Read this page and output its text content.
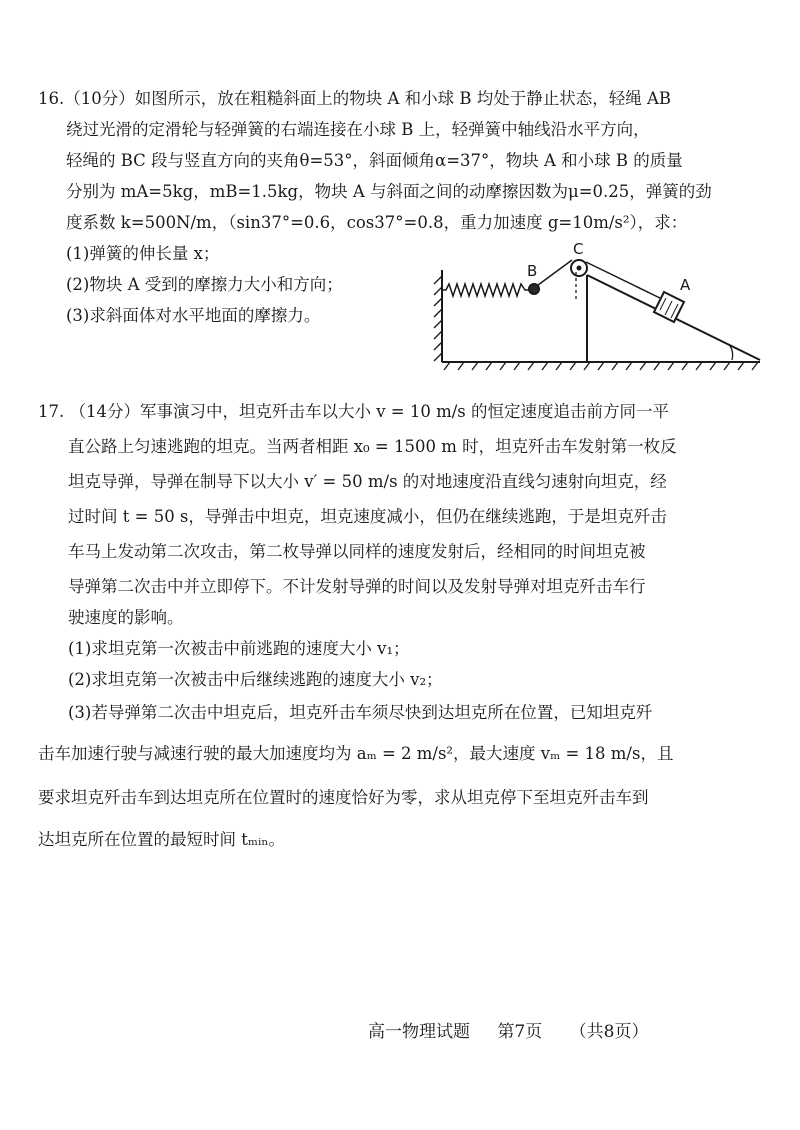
16.（10分）如图所示，放在粗糙斜面上的物块 A 和小球 B 均处于静止状态，轻绳 AB
绕过光滑的定滑轮与轻弹簧的右端连接在小球 B 上，轻弹簧中轴线沿水平方向，
轻绳的 BC 段与竖直方向的夹角θ=53°，斜面倾角α=37°，物块 A 和小球 B 的质量
分别为 mA=5kg，mB=1.5kg，物块 A 与斜面之间的动摩擦因数为μ=0.25，弹簧的劲
度系数 k=500N/m，（sin37°=0.6，cos37°=0.8，重力加速度 g=10m/s²），求：
(1)弹簧的伸长量 x；
(2)物块 A 受到的摩擦力大小和方向；
(3)求斜面体对水平地面的摩擦力。
B
C
A
17. （14分）军事演习中，坦克歼击车以大小 v = 10 m/s 的恒定速度追击前方同一平
直公路上匀速逃跑的坦克。当两者相距 x₀ = 1500 m 时，坦克歼击车发射第一枚反
坦克导弹，导弹在制导下以大小 v′ = 50 m/s 的对地速度沿直线匀速射向坦克，经
过时间 t = 50 s，导弹击中坦克，坦克速度减小，但仍在继续逃跑，于是坦克歼击
车马上发动第二次攻击，第二枚导弹以同样的速度发射后，经相同的时间坦克被
导弹第二次击中并立即停下。不计发射导弹的时间以及发射导弹对坦克歼击车行
驶速度的影响。
(1)求坦克第一次被击中前逃跑的速度大小 v₁；
(2)求坦克第一次被击中后继续逃跑的速度大小 v₂；
(3)若导弹第二次击中坦克后，坦克歼击车须尽快到达坦克所在位置，已知坦克歼
击车加速行驶与减速行驶的最大加速度均为 aₘ = 2 m/s²，最大速度 vₘ = 18 m/s，且
要求坦克歼击车到达坦克所在位置时的速度恰好为零，求从坦克停下至坦克歼击车到
达坦克所在位置的最短时间 tₘᵢₙ。
高一物理试题 第7页 （共8页）
